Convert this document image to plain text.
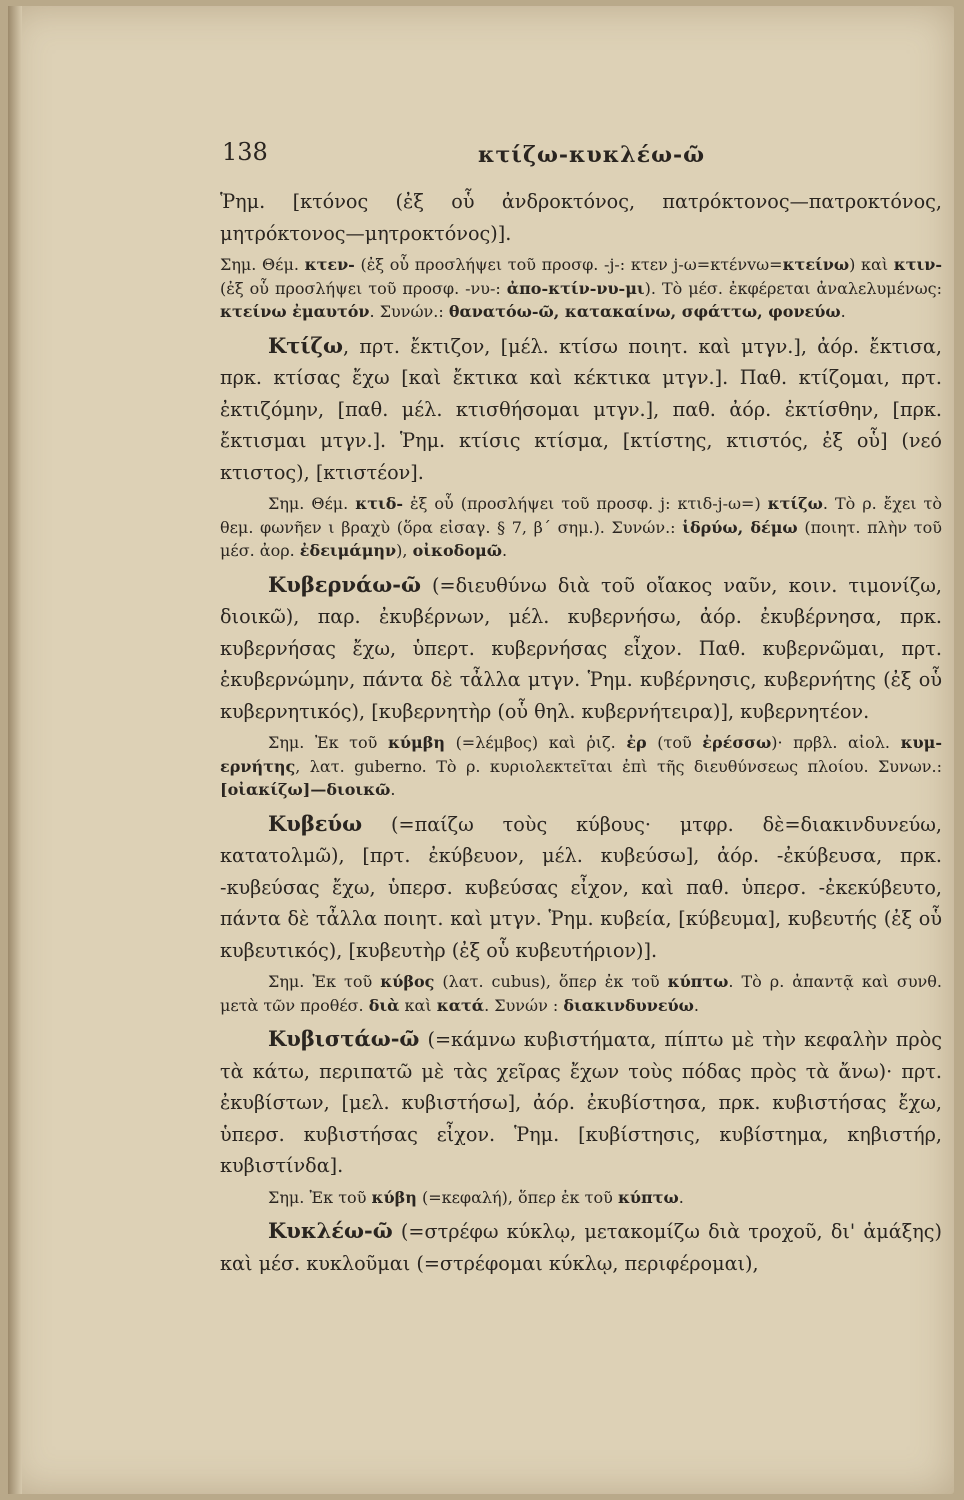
138	κτίζω-κυκλέω-ῶ

Ῥημ. [κτόνος (ἐξ οὗ ἀνδροκτόνος, πατρόκτονος—πατροκτόνος, μητρόκτονος—μητροκτόνος)].

Σημ. Θέμ. κτεν- (ἐξ οὗ προσλήψει τοῦ προσφ. -j-: κτεν j-ω=κτένvω=κτείνω) καὶ κτιν- (ἐξ οὗ προσλήψει τοῦ προσφ. -νυ-: ἀπο-κτίν-νυ-μι). Τὸ μέσ. ἐκφέρεται ἀναλελυμένως: κτείνω ἐμαυτόν. Συνών.: θανατόω-ῶ, κατακαίνω, σφάττω, φονεύω.

Κτίζω, πρτ. ἔκτιζον, [μέλ. κτίσω ποιητ. καὶ μτγν.], ἀόρ. ἔκτισα, πρκ. κτίσας ἔχω [καὶ ἔκτικα καὶ κέκτικα μτγν.]. Παθ. κτίζομαι, πρτ. ἐκτιζόμην, [παθ. μέλ. κτισθήσομαι μτγν.], παθ. ἀόρ. ἐκτίσθην, [πρκ. ἔκτισμαι μτγν.]. Ῥημ. κτίσις κτίσμα, [κτίστης, κτιστός, ἐξ οὗ] (νεό κτιστος), [κτιστέον].

Σημ. Θέμ. κτιδ- ἐξ οὗ (προσλήψει τοῦ προσφ. j: κτιδ-j-ω=) κτίζω. Τὸ ρ. ἔχει τὸ θεμ. φωνῆεν ι βραχὺ (ὅρα εἰσαγ. § 7, β΄ σημ.). Συνών.: ἱδρύω, δέμω (ποιητ. πλὴν τοῦ μέσ. ἀορ. ἐδειμάμην), οἰκοδομῶ.

Κυβερνάω-ῶ (=διευθύνω διὰ τοῦ οἴακος ναῦν, κοιν. τιμονίζω, διοικῶ), παρ. ἐκυβέρνων, μέλ. κυβερνήσω, ἀόρ. ἐκυβέρνησα, πρκ. κυβερνήσας ἔχω, ὑπερτ. κυβερνήσας εἶχον. Παθ. κυβερνῶμαι, πρτ. ἐκυβερνώμην, πάντα δὲ τἆλλα μτγν. Ῥημ. κυβέρνησις, κυβερνήτης (ἐξ οὗ κυβερνητικός), [κυβερνητὴρ (οὗ θηλ. κυβερνήτειρα)], κυβερνητέον.

Σημ. Ἐκ τοῦ κύμβη (=λέμβος) καὶ ῥιζ. ἐρ (τοῦ ἐρέσσω)· πρβλ. αἰολ. κυμ-ερνήτης, λατ. guberno. Τὸ ρ. κυριολεκτεῖται ἐπὶ τῆς διευθύνσεως πλοίου. Συνων.: [οἰακίζω]—διοικῶ.

Κυβεύω (=παίζω τοὺς κύβους· μτφρ. δὲ=διακινδυνεύω, κατατολμῶ), [πρτ. ἐκύβευον, μέλ. κυβεύσω], ἀόρ. -ἐκύβευσα, πρκ. -κυβεύσας ἔχω, ὑπερσ. κυβεύσας εἶχον, καὶ παθ. ὑπερσ. -ἐκεκύβευτο, πάντα δὲ τἆλλα ποιητ. καὶ μτγν. Ῥημ. κυβεία, [κύβευμα], κυβευτής (ἐξ οὗ κυβευτικός), [κυβευτὴρ (ἐξ οὗ κυβευτήριον)].

Σημ. Ἐκ τοῦ κύβος (λατ. cubus), ὅπερ ἐκ τοῦ κύπτω. Τὸ ρ. ἀπαντᾷ καὶ συνθ. μετὰ τῶν προθέσ. διὰ καὶ κατά. Συνών : διακινδυνεύω.

Κυβιστάω-ῶ (=κάμνω κυβιστήματα, πίπτω μὲ τὴν κεφαλὴν πρὸς τὰ κάτω, περιπατῶ μὲ τὰς χεῖρας ἔχων τοὺς πόδας πρὸς τὰ ἄνω)· πρτ. ἐκυβίστων, [μελ. κυβιστήσω], ἀόρ. ἐκυβίστησα, πρκ. κυβιστήσας ἔχω, ὑπερσ. κυβιστήσας εἶχον. Ῥημ. [κυβίστησις, κυβίστημα, κηβιστήρ, κυβιστίνδα].

Σημ. Ἐκ τοῦ κύβη (=κεφαλή), ὅπερ ἐκ τοῦ κύπτω.

Κυκλέω-ῶ (=στρέφω κύκλῳ, μετακομίζω διὰ τροχοῦ, δι' ἁμάξης) καὶ μέσ. κυκλοῦμαι (=στρέφομαι κύκλῳ, περιφέρομαι),
